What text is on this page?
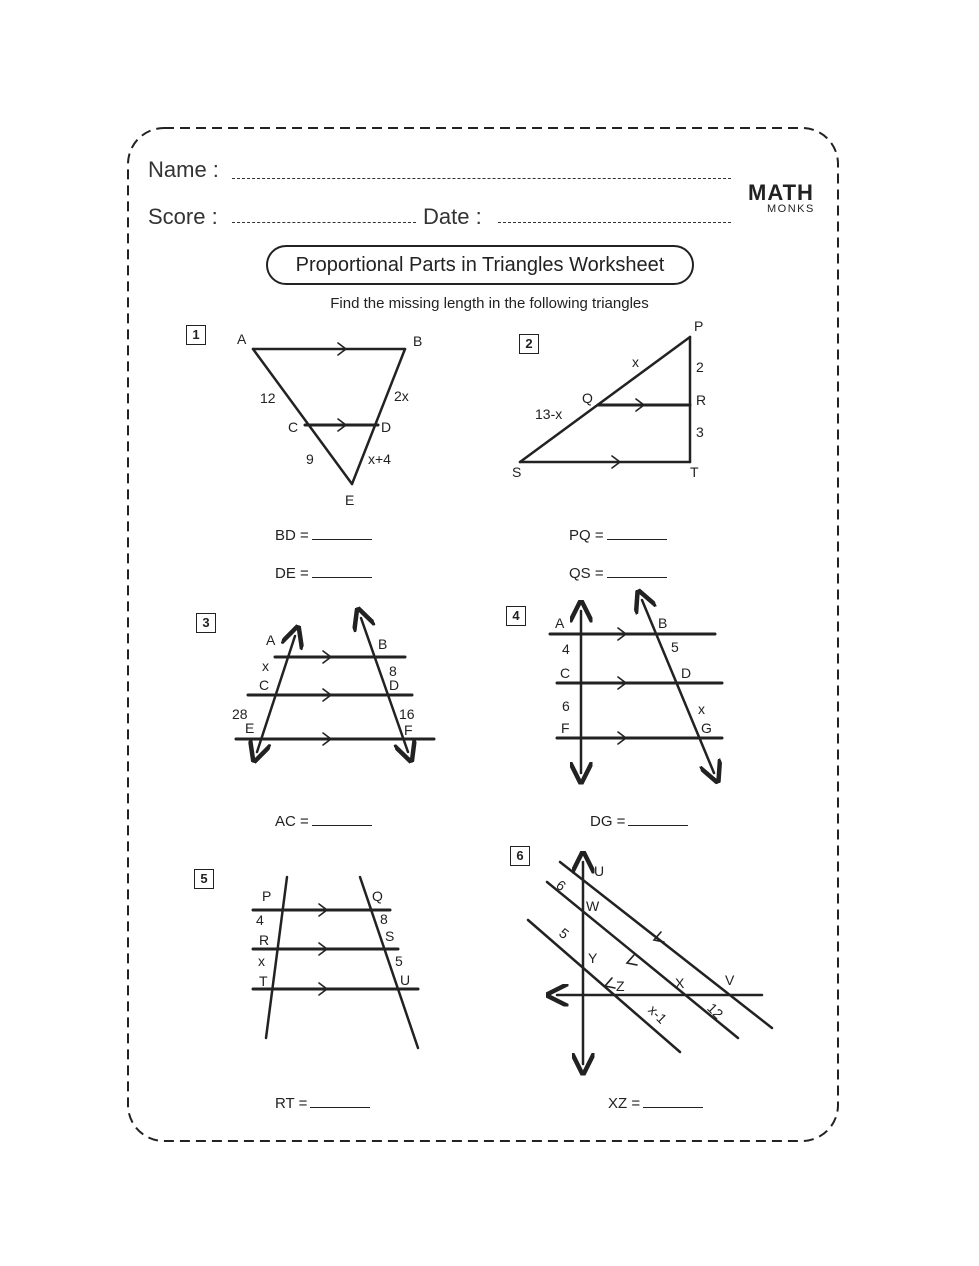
A	B
C	D
E
12	2x
9	x+4
P
Q	R
S	T
x
13-x
2
3
A	B
C	D
E	F
x	8
28	16
A	B
C	D
F	G
4	5
6	x
P	Q
R	S
T	U
4	8
x	5
U
W
Y
Z	X	V
6
5
x-1 12
Name :
Score :	Date :
MATH
MONKS
Proportional Parts in Triangles Worksheet
Find the missing length in the following triangles
1
2
3	4
5
6
BD =
DE =
PQ =
QS =
AC =	DG =
RT =	XZ =
